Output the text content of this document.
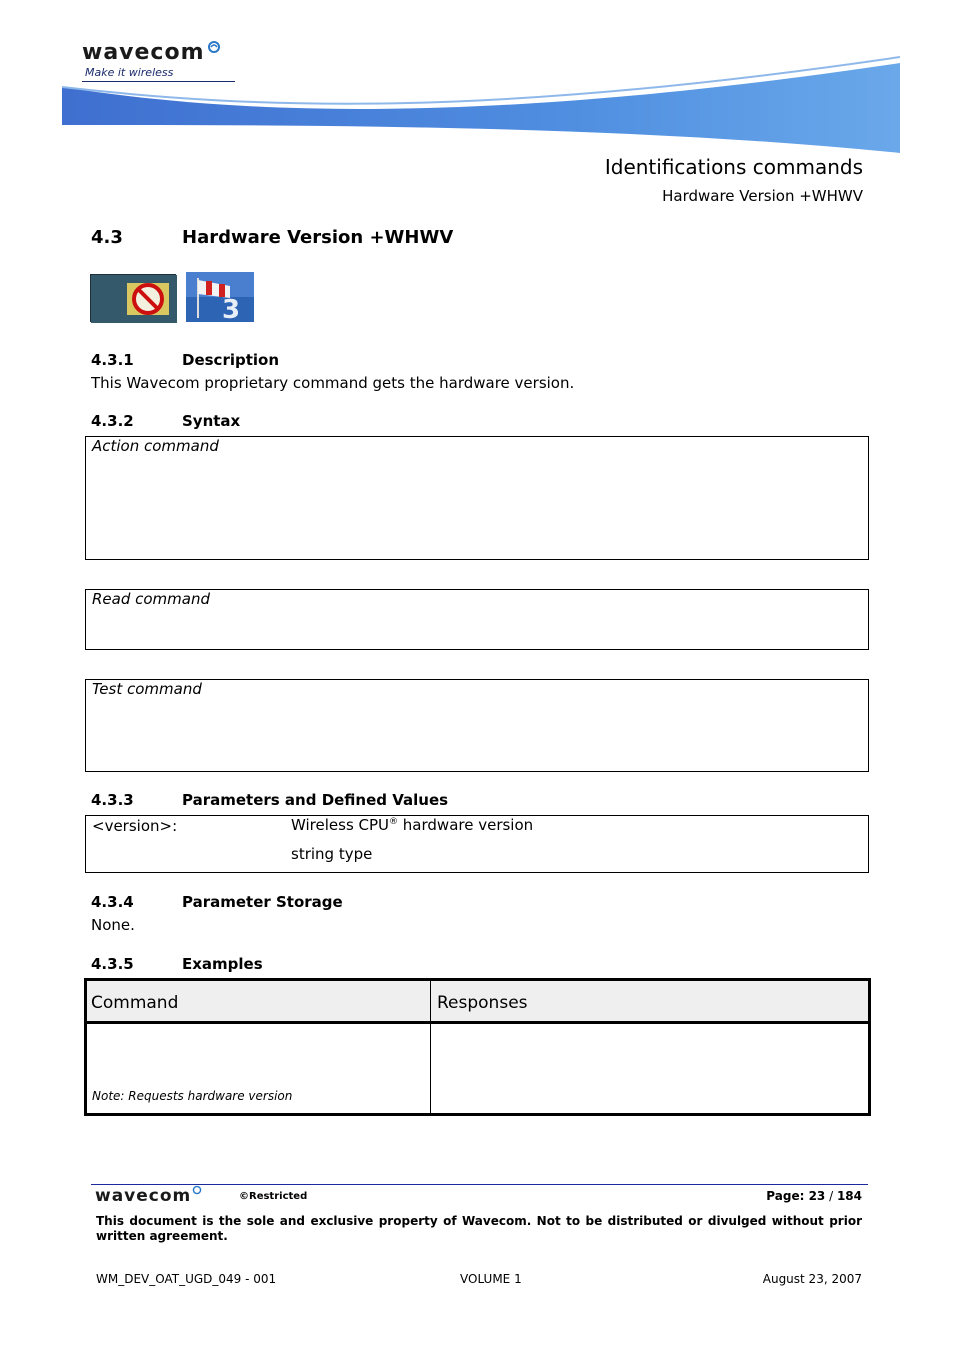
wavecom
Make it wireless
Identifications commands
Hardware Version +WHWV
4.3	Hardware Version +WHWV
3
4.3.1	Description
This Wavecom proprietary command gets the hardware version.
4.3.2	Syntax
Action command
Read command
Test command
4.3.3	Parameters and Defined Values
<version>:	Wireless CPU® hardware version
string type
4.3.4	Parameter Storage
None.
4.3.5	Examples
Command	Responses
Note: Requests hardware version
wavecom	©Restricted	Page: 23 / 184
This document is the sole and exclusive property of Wavecom. Not to be distributed or divulged without prior written agreement.
WM_DEV_OAT_UGD_049 - 001	VOLUME 1	August 23, 2007
